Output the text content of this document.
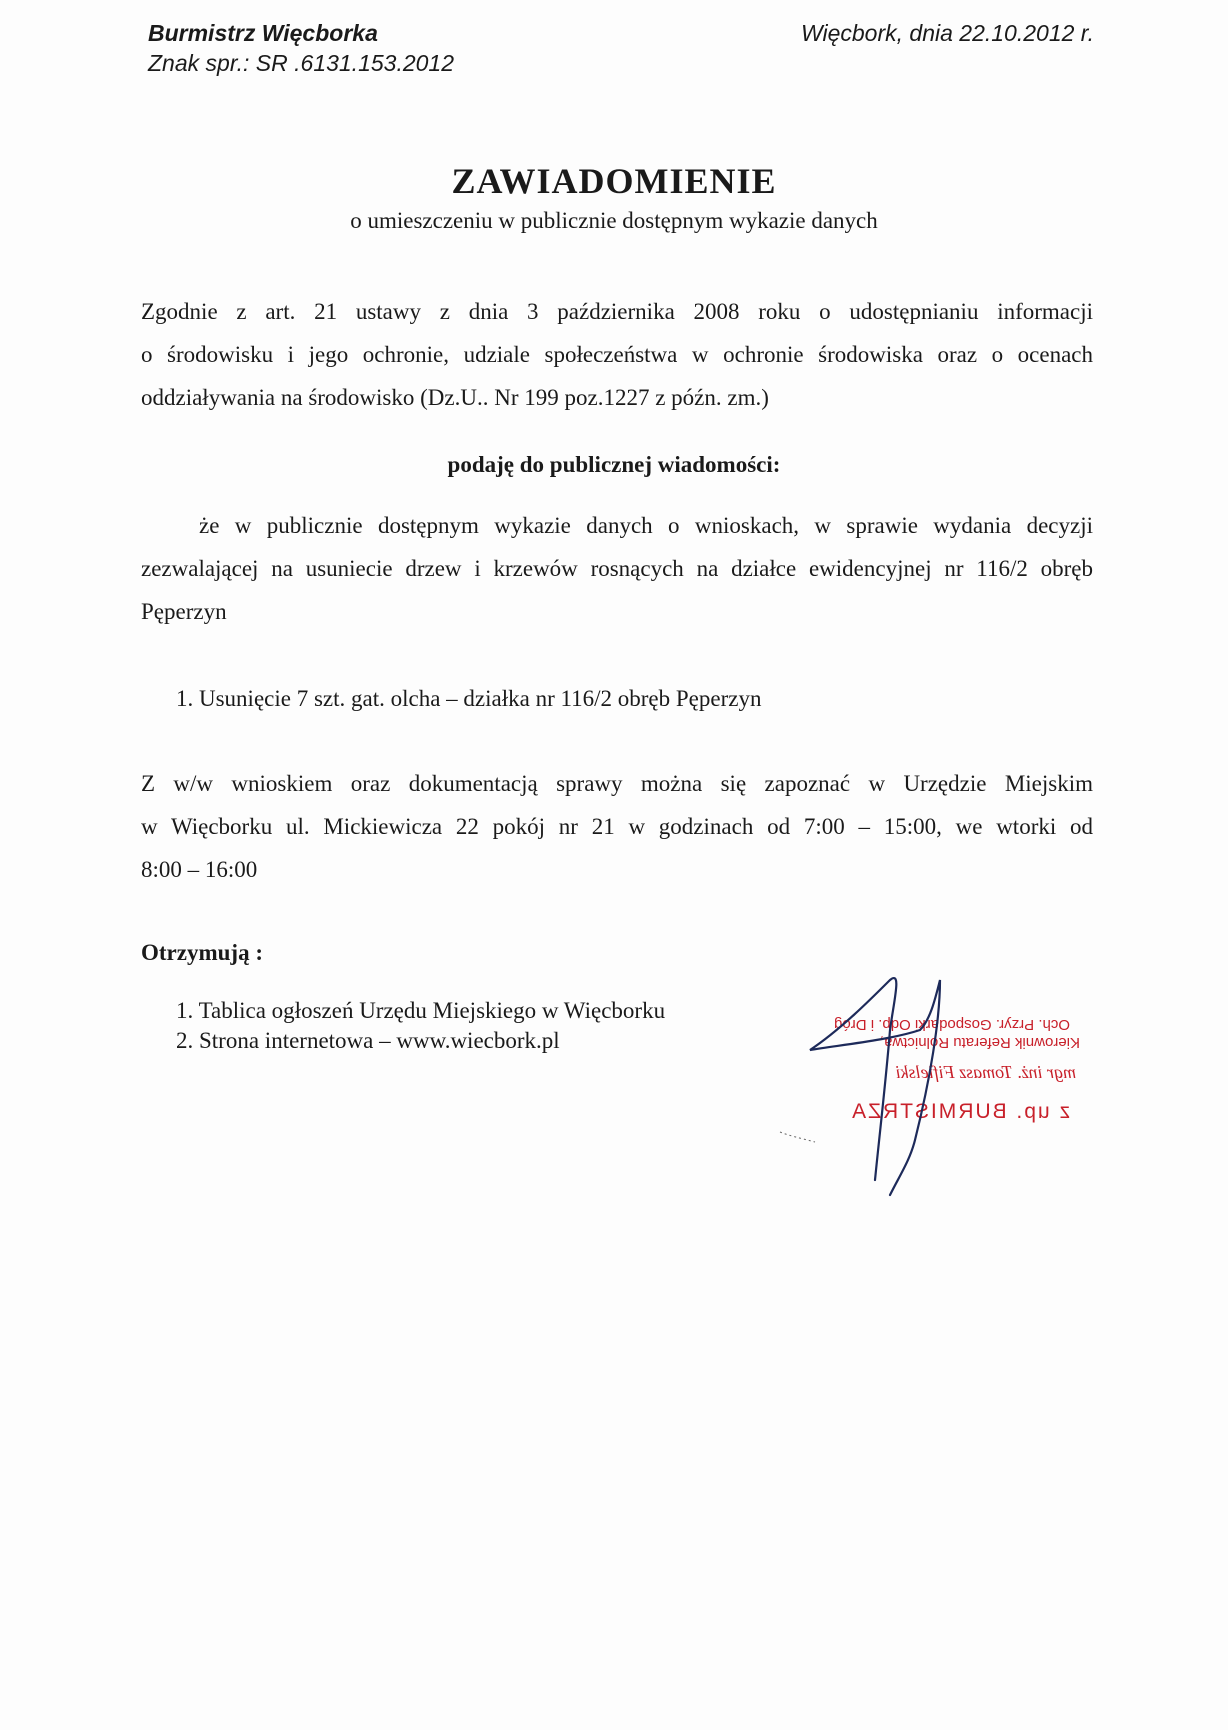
Burmistrz Więcborka
Znak spr.: SR .6131.153.2012
Więcbork, dnia 22.10.2012 r.
ZAWIADOMIENIE
o umieszczeniu w publicznie dostępnym wykazie danych
Zgodnie z art. 21 ustawy z dnia 3 października 2008 roku o udostępnianiu informacji
o środowisku i jego ochronie, udziale społeczeństwa w ochronie środowiska oraz o ocenach
oddziaływania na środowisko (Dz.U.. Nr 199 poz.1227 z późn. zm.)
podaję do publicznej wiadomości:
że w publicznie dostępnym wykazie danych o wnioskach, w sprawie wydania decyzji
zezwalającej na usuniecie drzew i krzewów rosnących na działce ewidencyjnej nr 116/2 obręb
Pęperzyn
1. Usunięcie 7 szt. gat. olcha – działka nr 116/2 obręb Pęperzyn
Z w/w wnioskiem oraz dokumentacją sprawy można się zapoznać w Urzędzie Miejskim
w Więcborku ul. Mickiewicza 22 pokój nr 21 w godzinach od 7:00 – 15:00, we wtorki od
8:00 – 16:00
Otrzymują :
1. Tablica ogłoszeń Urzędu Miejskiego w Więcborku
2. Strona internetowa – www.wiecbork.pl
Och. Przyr. Gospodarki Odp. i Dróg
Kierownik Referatu Rolnictwa,
mgr inż. Tomasz Fifielski
z up. BURMISTRZA
